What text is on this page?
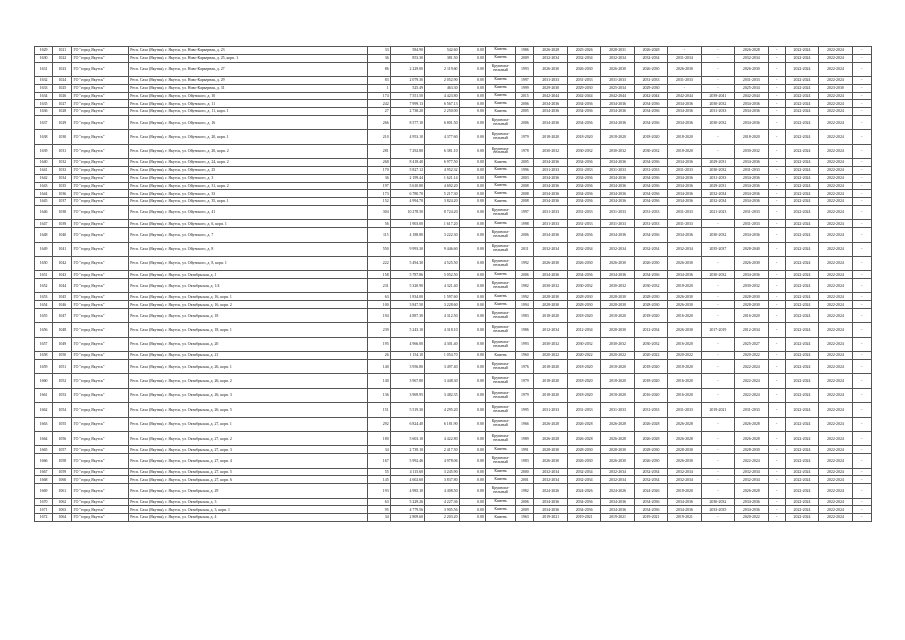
1629	1021	ГО "город Якутск"	Респ. Саха (Якутия), г. Якутск, ул. Ново-Карьерная, д. 23	33	584.90	542.60	0.00	Камень	1986	2026-2028	2025-2026	2028-2031	2026-2028	-	-	2026-2028	-	2022-2024	2022-2024	-
1630	1022	ГО "город Якутск"	Респ. Саха (Якутия), г. Якутск, ул. Ново-Карьерная, д. 25, корп. 1	36	853.30	381.50	0.00	Камень	2009	2032-2034	2032-2034	2032-2034	2032-2034	2031-2034	-	2032-2034	-	2022-2024	2022-2024	-
1631	1023	ГО "город Якутск"	Респ. Саха (Якутия), г. Якутск, ул. Ново-Карьерная, д. 27	86	2 229.00	2 119.60	0.00	Крупнопа-нельный	1993	2026-2030	2026-2030	2026-2030	2026-2030	2026-2030	-	2026-2030	-	2022-2024	2022-2024	-
1632	1024	ГО "город Якутск"	Респ. Саха (Якутия), г. Якутск, ул. Ново-Карьерная, д. 29	83	2 079.30	2 052.90	0.00	Камень	1997	2031-2033	2031-2033	2031-2033	2031-2033	2031-2033	-	2031-2033	-	2022-2024	2022-2024	-
1633	1025	ГО "город Якутск"	Респ. Саха (Якутия), г. Якутск, ул. Ново-Карьерная, д. 31	1	525.49	463.30	0.00	Камень	1999	2029-2030	2029-2030	2025-2034	2029-2030	-	-	2025-2034	-	2022-2024	2023-2030	-
1634	1026	ГО "город Якутск"	Респ. Саха (Якутия), г. Якутск, ул. Ойунского, д. 10	174	7 551.50	4 423.80	0.00	Камень	2015	2042-2044	2042-2044	2042-2044	2042-2044	2042-2044	2039-2041	2042-2044	-	2022-2024	2022-2024	-
1635	1027	ГО "город Якутск"	Респ. Саха (Якутия), г. Якутск, ул. Ойунского, д. 11	242	7 999.13	6 567.13	0.00	Камень	2006	2034-2036	2034-2036	2034-2036	2034-2036	2034-2036	2030-2032	2034-2036	-	2022-2024	2022-2024	-
1636	1028	ГО "город Якутск"	Респ. Саха (Якутия), г. Якутск, ул. Ойунского, д. 11, корп. 1	27	2 738.20	2 250.00	0.00	Камень	2005	2034-2036	2034-2036	2034-2036	2034-2036	2034-2036	2031-2033	2034-2036	-	2022-2024	2022-2024	-
1637	1029	ГО "город Якутск"	Респ. Саха (Якутия), г. Якутск, ул. Ойунского, д. 16	266	8 577.10	6 801.50	0.00	Крупнопа-нельный	2006	2034-2036	2034-2036	2034-2036	2034-2036	2034-2036	2030-2032	2034-2036	-	2022-2024	2022-2024	-
1638	1030	ГО "город Якутск"	Респ. Саха (Якутия), г. Якутск, ул. Ойунского, д. 20, корп. 1	210	4 953.10	4 377.60	0.00	Крупнопа-нельный	1979	2018-2020	2018-2020	2018-2020	2018-2020	2018-2020	-	2018-2020	-	2022-2024	2022-2024	-
1639	1031	ГО "город Якутск"	Респ. Саха (Якутия), г. Якутск, ул. Ойунского, д. 20, корп. 2	281	7 292.80	6 381.10	0.00	Крупнопа-нельный	1978	2030-2032	2030-2032	2030-2032	2030-2032	2018-2020	-	2030-2032	-	2022-2024	2022-2024	-
1640	1032	ГО "город Якутск"	Респ. Саха (Якутия), г. Якутск, ул. Ойунского, д. 24, корп. 2	268	8 418.40	6 977.50	0.00	Камень	2005	2034-2036	2034-2036	2034-2036	2034-2036	2034-2036	2029-2031	2034-2036	-	2022-2024	2022-2024	-
1641	1033	ГО "город Якутск"	Респ. Саха (Якутия), г. Якутск, ул. Ойунского, д. 25	170	5 827.12	4 952.32	0.00	Камень	1996	2031-2033	2031-2033	2031-2033	2031-2033	2031-2033	2030-2032	2031-2033	-	2022-2024	2022-2024	-
1642	1034	ГО "город Якутск"	Респ. Саха (Якутия), г. Якутск, ул. Ойунского, д. 3	36	2 199.44	1 621.14	0.00	Камень	2003	2034-2036	2034-2036	2034-2036	2034-2036	2034-2036	2031-2033	2034-2036	-	2022-2024	2022-2024	-
1643	1035	ГО "город Якутск"	Респ. Саха (Якутия), г. Якутск, ул. Ойунского, д. 31, корп. 2	197	5 610.80	4 692.20	0.00	Камень	2008	2034-2036	2034-2036	2034-2036	2034-2036	2034-2036	2029-2031	2034-2036	-	2022-2024	2022-2024	-
1644	1036	ГО "город Якутск"	Респ. Саха (Якутия), г. Якутск, ул. Ойунского, д. 33	173	6 780.70	5 217.30	0.00	Камень	2008	2034-2036	2034-2036	2034-2036	2034-2036	2034-2036	2032-2034	2034-2036	-	2022-2024	2022-2024	-
1645	1037	ГО "город Якутск"	Респ. Саха (Якутия), г. Якутск, ул. Ойунского, д. 35, корп. 1	152	4 994.70	3 824.20	0.00	Камень	2008	2034-2036	2034-2036	2034-2036	2034-2036	2034-2036	2032-2034	2034-2036	-	2022-2024	2022-2024	-
1646	1038	ГО "город Якутск"	Респ. Саха (Якутия), г. Якутск, ул. Ойунского, д. 41	304	10 278.50	8 724.20	0.00	Крупнопа-нельный	1997	2031-2033	2031-2033	2031-2033	2031-2033	2031-2033	2021-2023	2031-2033	-	2022-2024	2022-2024	-
1647	1039	ГО "город Якутск"	Респ. Саха (Якутия), г. Якутск, ул. Ойунского, д. 6, корп. 1	56	1 903.00	1 617.20	0.00	Камень	1998	2031-2033	2031-2033	2031-2033	2031-2033	2031-2033	-	2031-2033	-	2022-2024	2022-2024	-
1648	1040	ГО "город Якутск"	Респ. Саха (Якутия), г. Якутск, ул. Ойунского, д. 7	115	4 188.80	3 222.30	0.00	Крупнопа-нельный	2006	2034-2036	2034-2036	2034-2036	2034-2036	2034-2036	2030-2032	2034-2036	-	2022-2024	2022-2024	-
1649	1041	ГО "город Якутск"	Респ. Саха (Якутия), г. Якутск, ул. Ойунского, д. 8	550	9 993.30	9 446.60	0.00	Крупнопа-нельный	2011	2032-2034	2032-2034	2032-2034	2032-2034	2032-2034	2035-2037	2028-2040	-	2022-2024	2022-2024	-
1650	1042	ГО "город Якутск"	Респ. Саха (Якутия), г. Якутск, ул. Ойунского, д. 8, корп. 1	222	5 494.30	4 525.50	0.00	Крупнопа-нельный	1992	2026-2030	2026-2030	2026-2030	2026-2030	2026-2030	-	2026-2030	-	2022-2024	2022-2024	-
1651	1043	ГО "город Якутск"	Респ. Саха (Якутия), г. Якутск, ул. Октябрьская, д. 1	158	5 787.86	5 052.50	0.00	Камень	2006	2034-2036	2034-2036	2034-2036	2034-2036	2034-2036	2030-2032	2034-2036	-	2022-2024	2022-2024	-
1652	1044	ГО "город Якутск"	Респ. Саха (Якутия), г. Якутск, ул. Октябрьская, д. 1/4	231	5 320.90	4 321.40	0.00	Крупнопа-нельный	1982	2030-2032	2030-2032	2030-2032	2030-2032	2018-2020	-	2030-2032	-	2022-2024	2022-2024	-
1653	1045	ГО "город Якутск"	Респ. Саха (Якутия), г. Якутск, ул. Октябрьская, д. 16, корп. 1	63	1 834.00	1 597.60	0.00	Камень	1992	2028-2030	2028-2030	2028-2030	2028-2030	2026-2030	-	2028-2030	-	2022-2024	2022-2024	-
1654	1046	ГО "город Якутск"	Респ. Саха (Якутия), г. Якутск, ул. Октябрьская, д. 16, корп. 2	100	3 847.50	3 228.60	0.00	Камень	1994	2028-2030	2028-2030	2028-2030	2028-2030	2026-2030	-	2028-2030	-	2022-2024	2022-2024	-
1655	1047	ГО "город Якутск"	Респ. Саха (Якутия), г. Якутск, ул. Октябрьская, д. 18	194	4 887.30	4 312.50	0.00	Крупнопа-нельный	1983	2018-2020	2018-2020	2018-2020	2018-2020	2016-2020	-	2016-2020	-	2022-2024	2022-2024	-
1656	1048	ГО "город Якутск"	Респ. Саха (Якутия), г. Якутск, ул. Октябрьская, д. 18, корп. 1	239	5 243.10	4 318.10	0.00	Крупнопа-нельный	1986	2012-2034	2012-2034	2028-2030	2012-2034	2026-2030	2017-2019	2012-2034	-	2022-2024	2022-2024	-
1657	1049	ГО "город Якутск"	Респ. Саха (Якутия), г. Якутск, ул. Октябрьская, д. 20	195	4 966.00	4 301.40	0.00	Крупнопа-нельный	1993	2030-2032	2030-2032	2030-2032	2030-2032	2016-2020	-	2025-2027	-	2022-2024	2022-2024	-
1658	1050	ГО "город Якутск"	Респ. Саха (Якутия), г. Якутск, ул. Октябрьская, д. 21	26	1 154.10	1 054.70	0.00	Камень	1960	2020-2022	2020-2022	2020-2022	2020-2022	2020-2022	-	2020-2022	-	2022-2024	2022-2024	-
1659	1051	ГО "город Якутск"	Респ. Саха (Якутия), г. Якутск, ул. Октябрьская, д. 26, корп. 1	140	3 956.80	3 497.40	0.00	Крупнопа-нельный	1976	2018-2020	2018-2020	2018-2020	2018-2020	2018-2020	-	2022-2024	-	2022-2024	2022-2024	-
1660	1052	ГО "город Якутск"	Респ. Саха (Якутия), г. Якутск, ул. Октябрьская, д. 26, корп. 2	140	3 967.80	3 448.30	0.00	Крупнопа-нельный	1979	2018-2020	2018-2020	2018-2020	2018-2020	2016-2020	-	2022-2024	-	2022-2024	2022-2024	-
1661	1053	ГО "город Якутск"	Респ. Саха (Якутия), г. Якутск, ул. Октябрьская, д. 26, корп. 3	136	3 969.95	3 482.35	0.00	Крупнопа-нельный	1979	2018-2020	2018-2020	2018-2020	2016-2020	2016-2020	-	2022-2024	-	2022-2024	2022-2024	-
1662	1054	ГО "город Якутск"	Респ. Саха (Якутия), г. Якутск, ул. Октябрьская, д. 26, корп. 5	151	5 519.30	4 295.20	0.00	Крупнопа-нельный	1995	2031-2033	2031-2033	2031-2033	2031-2033	2031-2033	2019-2021	2031-2033	-	2022-2024	2022-2024	-
1663	1055	ГО "город Якутск"	Респ. Саха (Якутия), г. Якутск, ул. Октябрьская, д. 27, корп. 1	292	6 824.40	6 181.90	0.00	Крупнопа-нельный	1966	2026-2028	2026-2028	2026-2028	2026-2028	2026-2028	-	2026-2028	-	2022-2024	2022-2024	-
1664	1056	ГО "город Якутск"	Респ. Саха (Якутия), г. Якутск, ул. Октябрьская, д. 27, корп. 2	180	5 603.10	4 422.80	0.00	Крупнопа-нельный	1989	2026-2028	2026-2028	2026-2028	2026-2028	2026-2028	-	2026-2028	-	2022-2024	2022-2024	-
1665	1057	ГО "город Якутск"	Респ. Саха (Якутия), г. Якутск, ул. Октябрьская, д. 27, корп. 3	34	2 739.10	2 417.50	0.00	Камень	1991	2028-2030	2028-2030	2028-2030	2028-2030	2028-2030	-	2028-2030	-	2022-2024	2022-2024	-
1666	1058	ГО "город Якутск"	Респ. Саха (Якутия), г. Якутск, ул. Октябрьская, д. 27, корп. 4	167	5 992.46	4 978.06	0.00	Крупнопа-нельный	1983	2026-2030	2026-2030	2026-2030	2026-2030	2026-2030	-	2022-2024	-	2022-2024	2022-2024	-
1667	1059	ГО "город Якутск"	Респ. Саха (Якутия), г. Якутск, ул. Октябрьская, д. 27, корп. 5	55	4 115.60	3 245.90	0.00	Камень	2000	2032-2034	2032-2034	2032-2034	2032-2034	2032-2034	-	2032-2034	-	2022-2024	2022-2024	-
1668	1060	ГО "город Якутск"	Респ. Саха (Якутия), г. Якутск, ул. Октябрьская, д. 27, корп. 6	145	4 602.60	3 837.80	0.00	Камень	2001	2032-2034	2032-2034	2032-2034	2032-2034	2032-2034	-	2032-2034	-	2022-2024	2022-2024	-
1669	1061	ГО "город Якутск"	Респ. Саха (Якутия), г. Якутск, ул. Октябрьская, д. 29	193	4 985.10	4 408.50	0.00	Крупнопа-нельный	1982	2024-2026	2024-2026	2024-2026	2024-2026	2018-2020	-	2026-2028	-	2022-2024	2022-2024	-
1670	1062	ГО "город Якутск"	Респ. Саха (Якутия), г. Якутск, ул. Октябрьская, д. 3	63	5 229.26	4 227.36	0.00	Камень	2006	2034-2036	2034-2036	2034-2036	2034-2036	2034-2036	2030-2032	2034-2036	-	2022-2024	2022-2024	-
1671	1063	ГО "город Якутск"	Респ. Саха (Якутия), г. Якутск, ул. Октябрьская, д. 3, корп. 1	95	4 779.56	3 905.56	0.00	Камень	2009	2034-2036	2034-2036	2034-2036	2034-2036	2034-2036	2033-2035	2034-2036	-	2022-2024	2022-2024	-
1672	1064	ГО "город Якутск"	Респ. Саха (Якутия), г. Якутск, ул. Октябрьская, д. 4	34	2 809.60	2 203.20	0.00	Камень	1963	2019-2021	2019-2021	2019-2021	2019-2021	2019-2021	-	2020-2022	-	2022-2024	2022-2024	-
